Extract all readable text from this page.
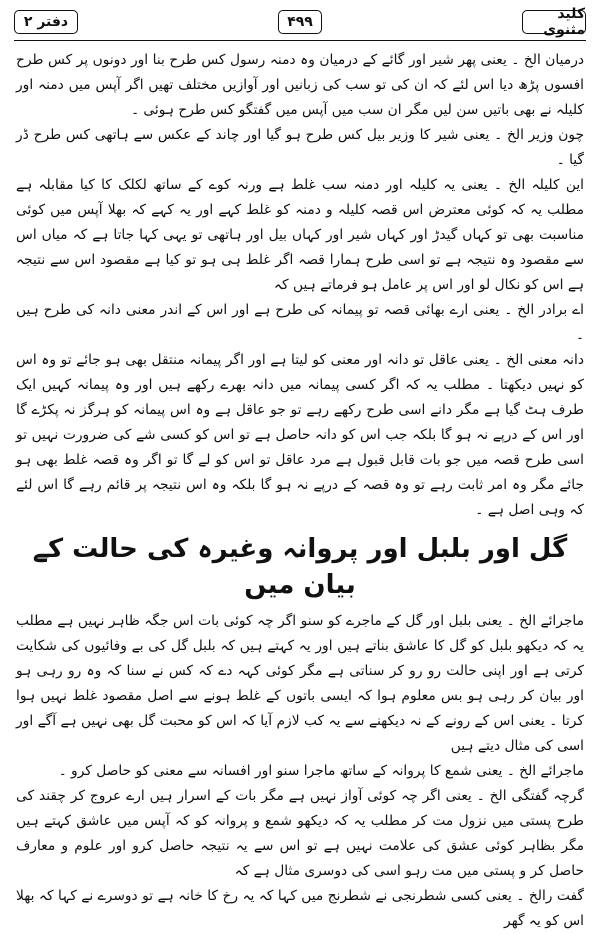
دفتر ۲	۴۹۹	کلید مثنوی

درمیان الخ ۔ یعنی پھر شیر اور گائے کے درمیان وہ دمنہ رسول کس طرح بنا اور دونوں پر کس طرح افسوں پڑھ دیا اس لئے کہ ان کی تو سب کی زبانیں اور آوازیں مختلف تھیں اگر آپس میں دمنہ اور کلیلہ نے بھی باتیں سن لیں مگر ان سب میں آپس میں گفتگو کس طرح ہوئی ۔

چون وزیر الخ ۔ یعنی شیر کا وزیر بیل کس طرح ہو گیا اور چاند کے عکس سے ہاتھی کس طرح ڈر گیا ۔

این کلیلہ الخ ۔ یعنی یہ کلیلہ اور دمنہ سب غلط ہے ورنہ کوے کے ساتھ لکلک کا کیا مقابلہ ہے مطلب یہ کہ کوئی معترض اس قصہ کلیلہ و دمنہ کو غلط کہے اور یہ کہے کہ بھلا آپس میں کوئی مناسبت بھی تو کہاں گیدڑ اور کہاں شیر اور کہاں بیل اور ہاتھی تو یہی کہا جاتا ہے کہ میاں اس سے مقصود وہ نتیجہ ہے تو اسی طرح ہمارا قصہ اگر غلط ہی ہو تو کیا ہے مقصود اس سے نتیجہ ہے اس کو نکال لو اور اس پر عامل ہو فرماتے ہیں کہ

اے برادر الخ ۔ یعنی ارے بھائی قصہ تو پیمانہ کی طرح ہے اور اس کے اندر معنی دانہ کی طرح ہیں ۔

دانہ معنی الخ ۔ یعنی عاقل تو دانہ اور معنی کو لیتا ہے اور اگر پیمانہ منتقل بھی ہو جائے تو وہ اس کو نہیں دیکھتا ۔ مطلب یہ کہ اگر کسی پیمانہ میں دانہ بھرے رکھے ہیں اور وہ پیمانہ کہیں ایک طرف ہٹ گیا ہے مگر دانے اسی طرح رکھے رہے تو جو عاقل ہے وہ اس پیمانہ کو ہرگز نہ پکڑے گا اور اس کے درپے نہ ہو گا بلکہ جب اس کو دانہ حاصل ہے تو اس کو کسی شے کی ضرورت نہیں تو اسی طرح قصہ میں جو بات قابل قبول ہے مرد عاقل تو اس کو لے گا تو اگر وہ قصہ غلط بھی ہو جائے مگر وہ امر ثابت رہے تو وہ قصہ کے درپے نہ ہو گا بلکہ وہ اس نتیجہ پر قائم رہے گا اس لئے کہ وہی اصل ہے ۔

گل اور بلبل اور پروانہ وغیرہ کی حالت کے بیان میں

ماجرائے الخ ۔ یعنی بلبل اور گل کے ماجرے کو سنو اگر چہ کوئی بات اس جگہ ظاہر نہیں ہے مطلب یہ کہ دیکھو بلبل کو گل کا عاشق بناتے ہیں اور یہ کہتے ہیں کہ بلبل گل کی بے وفائیوں کی شکایت کرتی ہے اور اپنی حالت رو رو کر سناتی ہے مگر کوئی کہہ دے کہ کس نے سنا کہ وہ رو رہی ہو اور بیان کر رہی ہو بس معلوم ہوا کہ ایسی باتوں کے غلط ہونے سے اصل مقصود غلط نہیں ہوا کرتا ۔ یعنی اس کے رونے کے نہ دیکھنے سے یہ کب لازم آیا کہ اس کو محبت گل بھی نہیں ہے آگے اور اسی کی مثال دیتے ہیں

ماجرائے الخ ۔ یعنی شمع کا پروانہ کے ساتھ ماجرا سنو اور افسانہ سے معنی کو حاصل کرو ۔

گرچہ گفتگی الخ ۔ یعنی اگر چہ کوئی آواز نہیں ہے مگر بات کے اسرار ہیں ارے عروج کر چقند کی طرح پستی میں نزول مت کر مطلب یہ کہ دیکھو شمع و پروانہ کو کہ آپس میں عاشق کہتے ہیں مگر بظاہر کوئی عشق کی علامت نہیں ہے تو اس سے یہ نتیجہ حاصل کرو اور علوم و معارف حاصل کر و پستی میں مت رہو اسی کی دوسری مثال ہے کہ

گفت رالخ ۔ یعنی کسی شطرنجی نے شطرنج میں کہا کہ یہ رخ کا خانہ ہے تو دوسرے نے کہا کہ بھلا اس کو یہ گھر
